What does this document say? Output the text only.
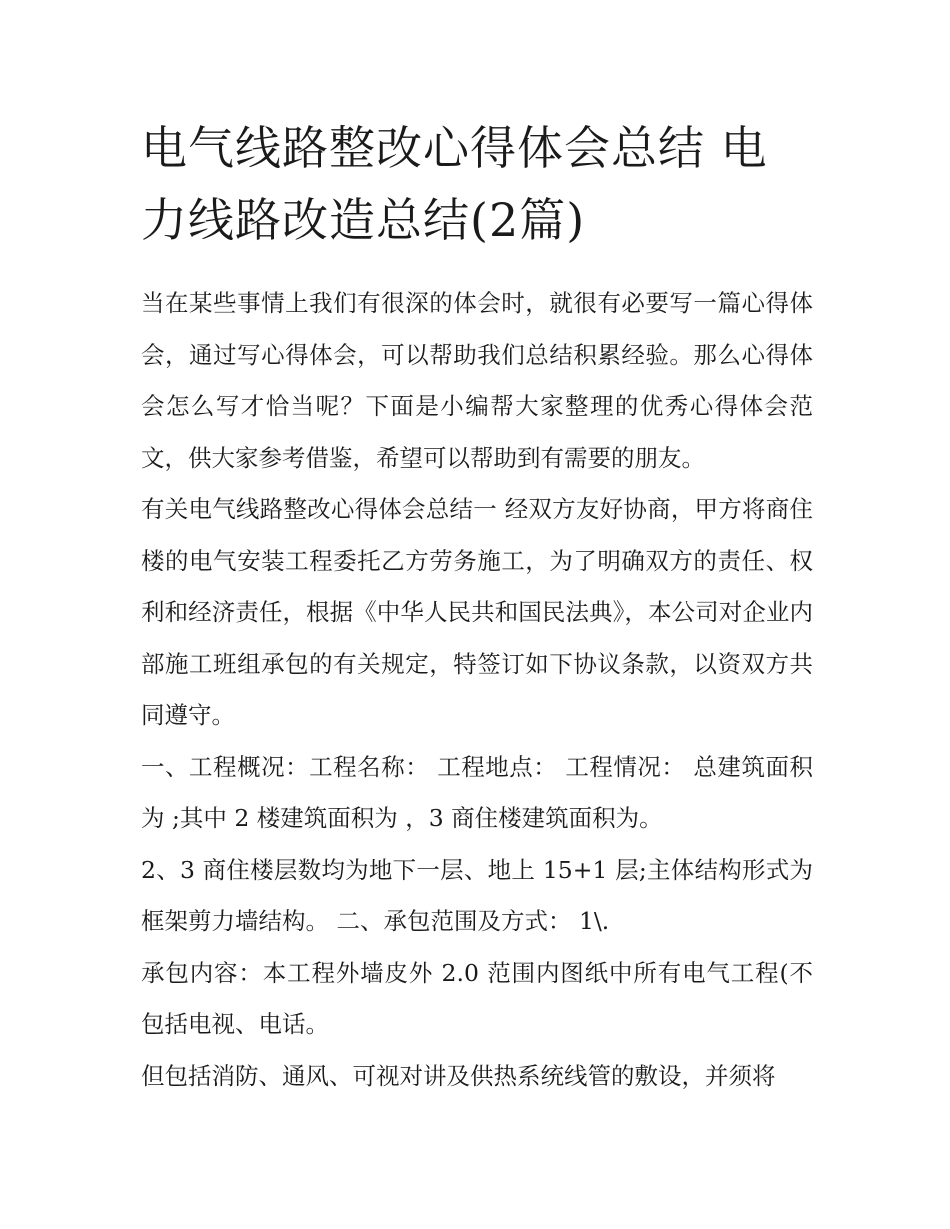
电气线路整改心得体会总结 电力线路改造总结(2篇)

当在某些事情上我们有很深的体会时，就很有必要写一篇心得体会，通过写心得体会，可以帮助我们总结积累经验。那么心得体会怎么写才恰当呢？下面是小编帮大家整理的优秀心得体会范文，供大家参考借鉴，希望可以帮助到有需要的朋友。

有关电气线路整改心得体会总结一 经双方友好协商，甲方将商住楼的电气安装工程委托乙方劳务施工，为了明确双方的责任、权利和经济责任，根据《中华人民共和国民法典》，本公司对企业内部施工班组承包的有关规定，特签订如下协议条款，以资双方共同遵守。

一、工程概况：工程名称： 工程地点： 工程情况： 总建筑面积为 ;其中 2 楼建筑面积为 ，3 商住楼建筑面积为。

2、3 商住楼层数均为地下一层、地上 15+1 层;主体结构形式为框架剪力墙结构。 二、承包范围及方式： 1\.

承包内容：本工程外墙皮外 2.0 范围内图纸中所有电气工程(不包括电视、电话。

但包括消防、通风、可视对讲及供热系统线管的敷设，并须将
